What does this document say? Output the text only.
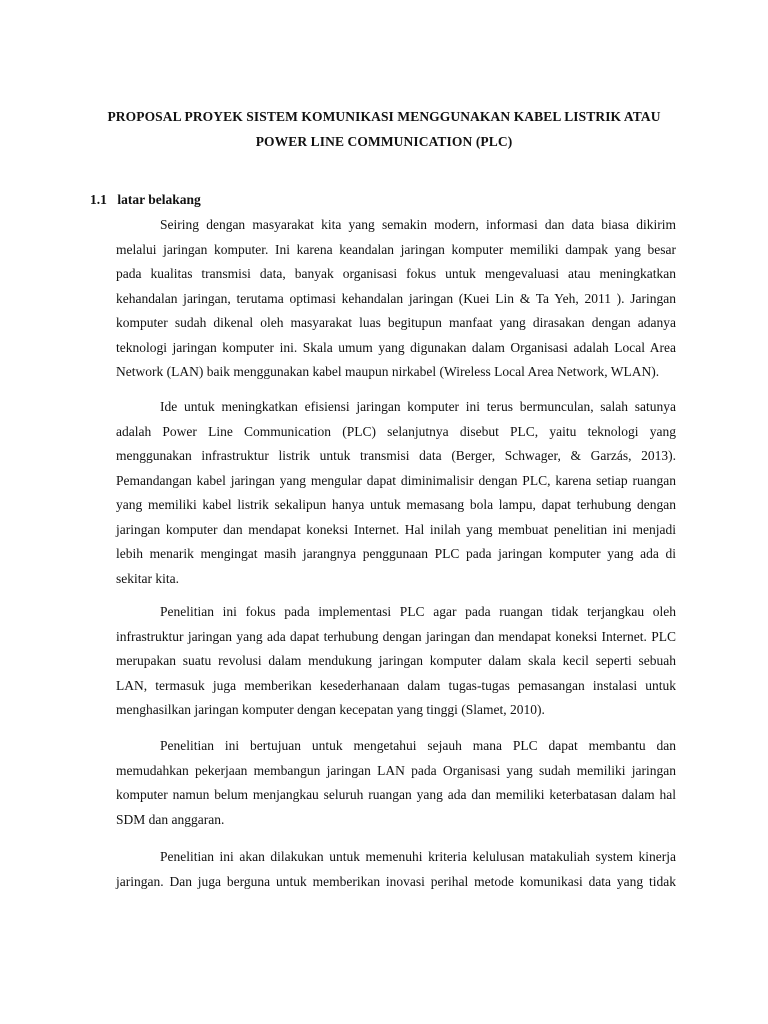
PROPOSAL PROYEK SISTEM KOMUNIKASI MENGGUNAKAN KABEL LISTRIK ATAU
POWER LINE COMMUNICATION (PLC)
1.1 latar belakang
Seiring dengan masyarakat kita yang semakin modern, informasi dan data biasa dikirim
melalui jaringan komputer. Ini karena keandalan jaringan komputer memiliki dampak yang besar
pada kualitas transmisi data, banyak organisasi fokus untuk mengevaluasi atau meningkatkan
kehandalan jaringan, terutama optimasi kehandalan jaringan (Kuei Lin & Ta Yeh, 2011 ). Jaringan
komputer sudah dikenal oleh masyarakat luas begitupun manfaat yang dirasakan dengan adanya
teknologi jaringan komputer ini. Skala umum yang digunakan dalam Organisasi adalah Local Area
Network (LAN) baik menggunakan kabel maupun nirkabel (Wireless Local Area Network, WLAN).
Ide untuk meningkatkan efisiensi jaringan komputer ini terus bermunculan, salah satunya
adalah Power Line Communication (PLC) selanjutnya disebut PLC, yaitu teknologi yang
menggunakan infrastruktur listrik untuk transmisi data (Berger, Schwager, & Garzás, 2013).
Pemandangan kabel jaringan yang mengular dapat diminimalisir dengan PLC, karena setiap ruangan
yang memiliki kabel listrik sekalipun hanya untuk memasang bola lampu, dapat terhubung dengan
jaringan komputer dan mendapat koneksi Internet. Hal inilah yang membuat penelitian ini menjadi
lebih menarik mengingat masih jarangnya penggunaan PLC pada jaringan komputer yang ada di
sekitar kita.
Penelitian ini fokus pada implementasi PLC agar pada ruangan tidak terjangkau oleh
infrastruktur jaringan yang ada dapat terhubung dengan jaringan dan mendapat koneksi Internet. PLC
merupakan suatu revolusi dalam mendukung jaringan komputer dalam skala kecil seperti sebuah
LAN, termasuk juga memberikan kesederhanaan dalam tugas-tugas pemasangan instalasi untuk
menghasilkan jaringan komputer dengan kecepatan yang tinggi (Slamet, 2010).
Penelitian ini bertujuan untuk mengetahui sejauh mana PLC dapat membantu dan
memudahkan pekerjaan membangun jaringan LAN pada Organisasi yang sudah memiliki jaringan
komputer namun belum menjangkau seluruh ruangan yang ada dan memiliki keterbatasan dalam hal
SDM dan anggaran.
Penelitian ini akan dilakukan untuk memenuhi kriteria kelulusan matakuliah system kinerja
jaringan. Dan juga berguna untuk memberikan inovasi perihal metode komunikasi data yang tidak
